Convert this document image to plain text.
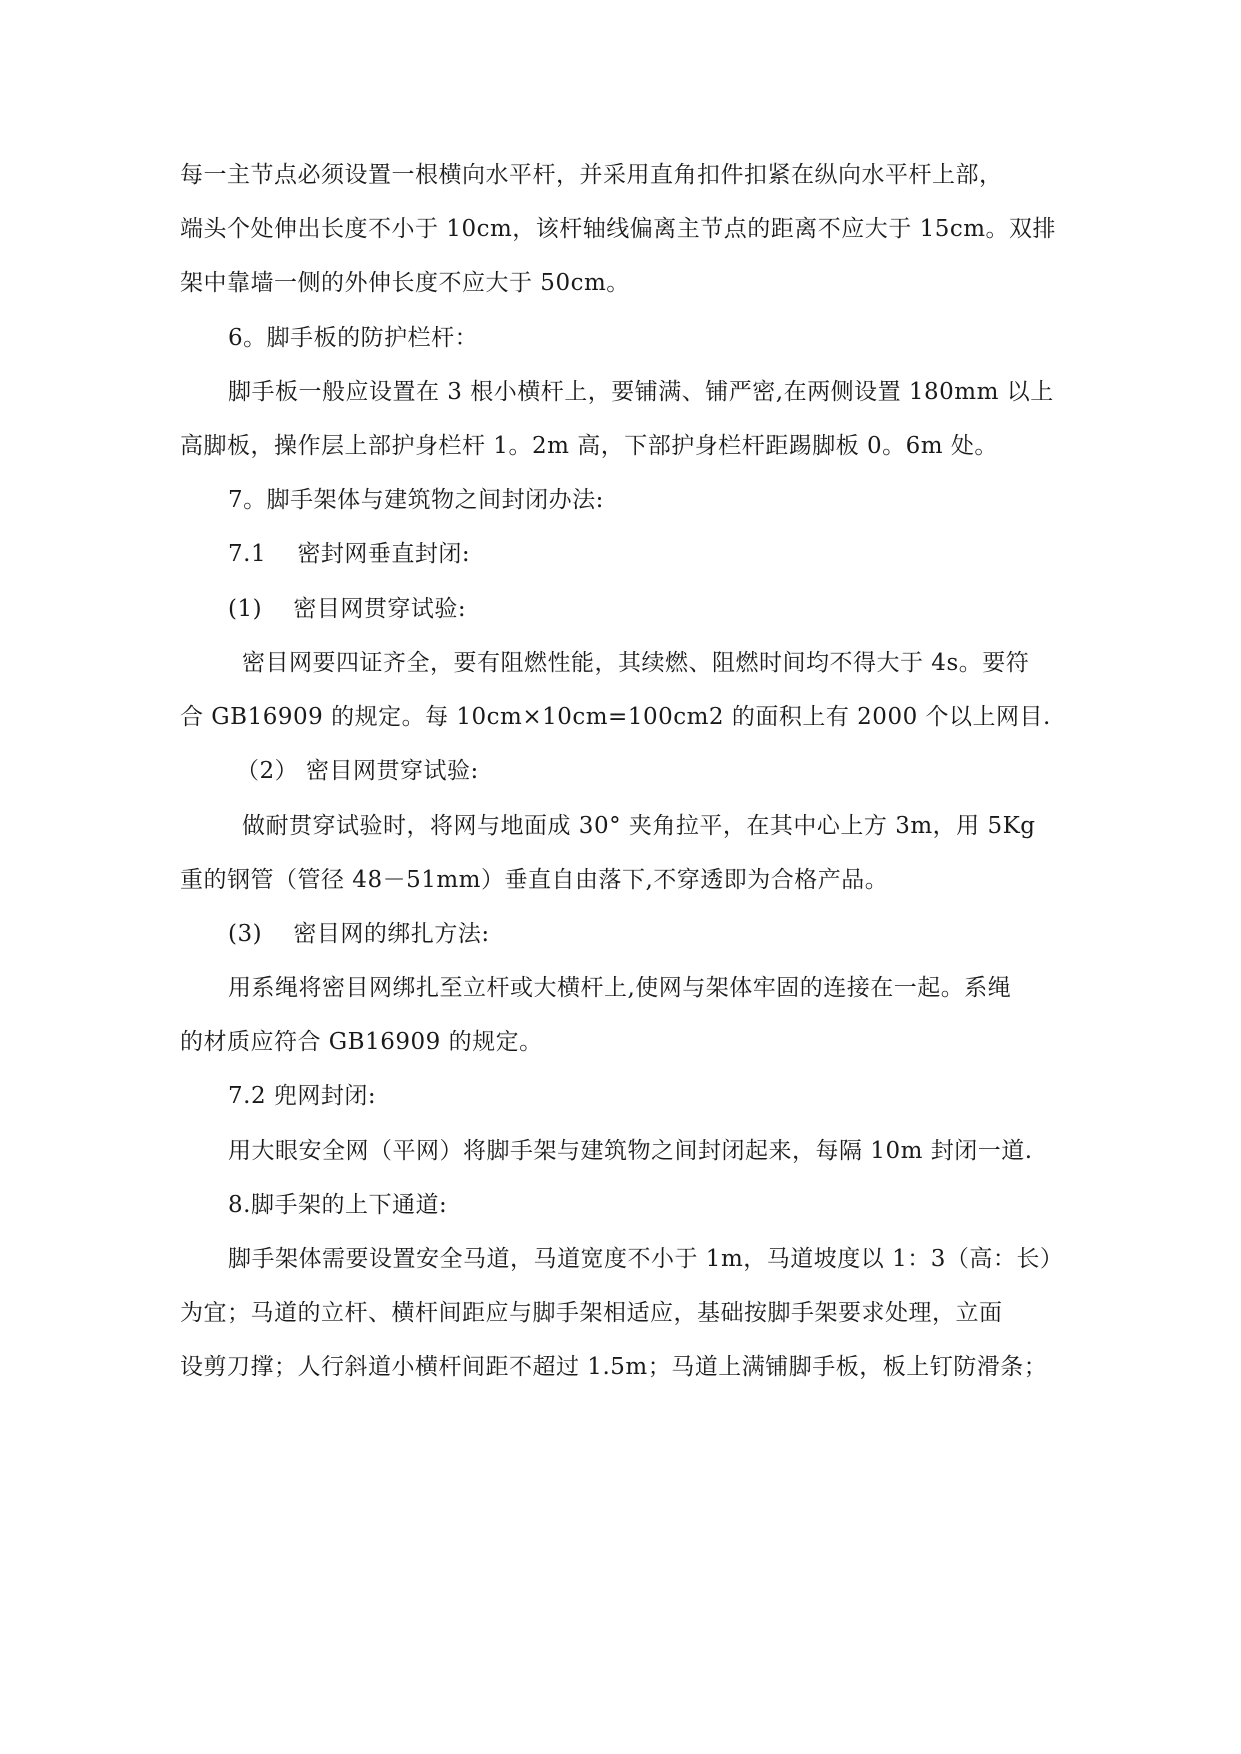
每一主节点必须设置一根横向水平杆，并采用直角扣件扣紧在纵向水平杆上部，
端头个处伸出长度不小于 10cm，该杆轴线偏离主节点的距离不应大于 15cm。双排
架中靠墙一侧的外伸长度不应大于 50cm。
6。脚手板的防护栏杆：
脚手板一般应设置在 3 根小横杆上，要铺满、铺严密,在两侧设置 180mm 以上
高脚板，操作层上部护身栏杆 1。2m 高，下部护身栏杆距踢脚板 0。6m 处。
7。脚手架体与建筑物之间封闭办法:
7.1　 密封网垂直封闭:
(1)　 密目网贯穿试验:
密目网要四证齐全，要有阻燃性能，其续燃、阻燃时间均不得大于 4s。要符
合 GB16909 的规定。每 10cm×10cm=100cm2 的面积上有 2000 个以上网目.
（2） 密目网贯穿试验:
做耐贯穿试验时，将网与地面成 30° 夹角拉平，在其中心上方 3m，用 5Kg
重的钢管（管径 48－51mm）垂直自由落下,不穿透即为合格产品。
(3)　 密目网的绑扎方法:
用系绳将密目网绑扎至立杆或大横杆上,使网与架体牢固的连接在一起。系绳
的材质应符合 GB16909 的规定。
7.2 兜网封闭:
用大眼安全网（平网）将脚手架与建筑物之间封闭起来，每隔 10m 封闭一道.
8.脚手架的上下通道:
脚手架体需要设置安全马道，马道宽度不小于 1m，马道坡度以 1：3（高：长）
为宜；马道的立杆、横杆间距应与脚手架相适应，基础按脚手架要求处理，立面
设剪刀撑；人行斜道小横杆间距不超过 1.5m；马道上满铺脚手板，板上钉防滑条；
